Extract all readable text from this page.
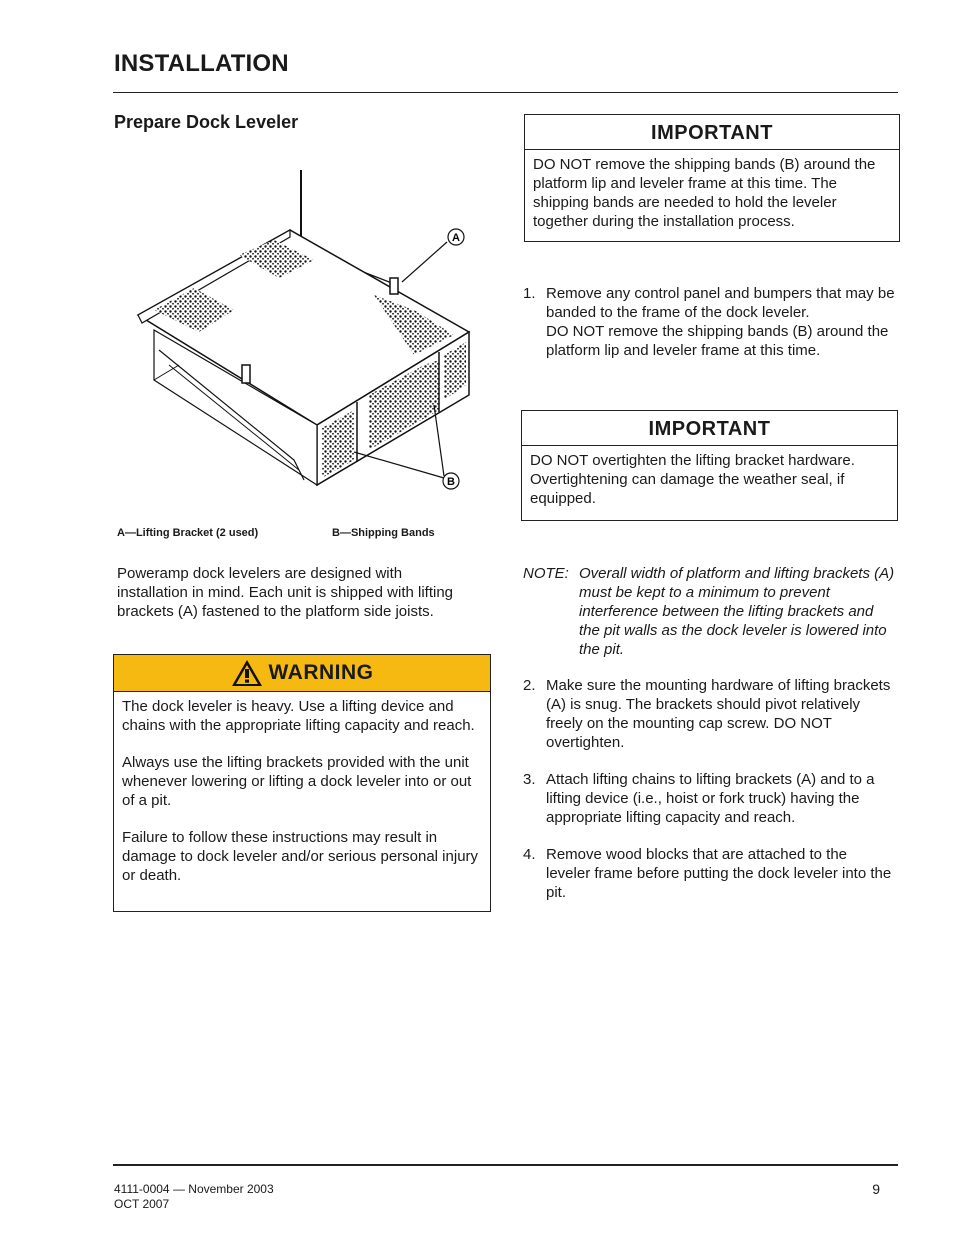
INSTALLATION
Prepare Dock Leveler
A
B
A—Lifting Bracket (2 used)	B—Shipping Bands

Poweramp dock levelers are designed with installation in mind. Each unit is shipped with lifting brackets (A) fastened to the platform side joists.

WARNING

The dock leveler is heavy. Use a lifting device and chains with the appropriate lifting capacity and reach.

Always use the lifting brackets provided with the unit whenever lowering or lifting a dock leveler into or out of a pit.

Failure to follow these instructions may result in damage to dock leveler and/or serious personal injury or death.

IMPORTANT
DO NOT remove the shipping bands (B) around the platform lip and leveler frame at this time. The shipping bands are needed to hold the leveler together during the installation process.
1. Remove any control panel and bumpers that may be banded to the frame of the dock leveler.
DO NOT remove the shipping bands (B) around the platform lip and leveler frame at this time.
IMPORTANT
DO NOT overtighten the lifting bracket hardware. Overtightening can damage the weather seal, if equipped.
NOTE: Overall width of platform and lifting brackets (A) must be kept to a minimum to prevent interference between the lifting brackets and the pit walls as the dock leveler is lowered into the pit.
2. Make sure the mounting hardware of lifting brackets (A) is snug. The brackets should pivot relatively freely on the mounting cap screw. DO NOT overtighten.
3. Attach lifting chains to lifting brackets (A) and to a lifting device (i.e., hoist or fork truck) having the appropriate lifting capacity and reach.
4. Remove wood blocks that are attached to the leveler frame before putting the dock leveler into the pit.
4111-0004 — November 2003
OCT 2007
9
